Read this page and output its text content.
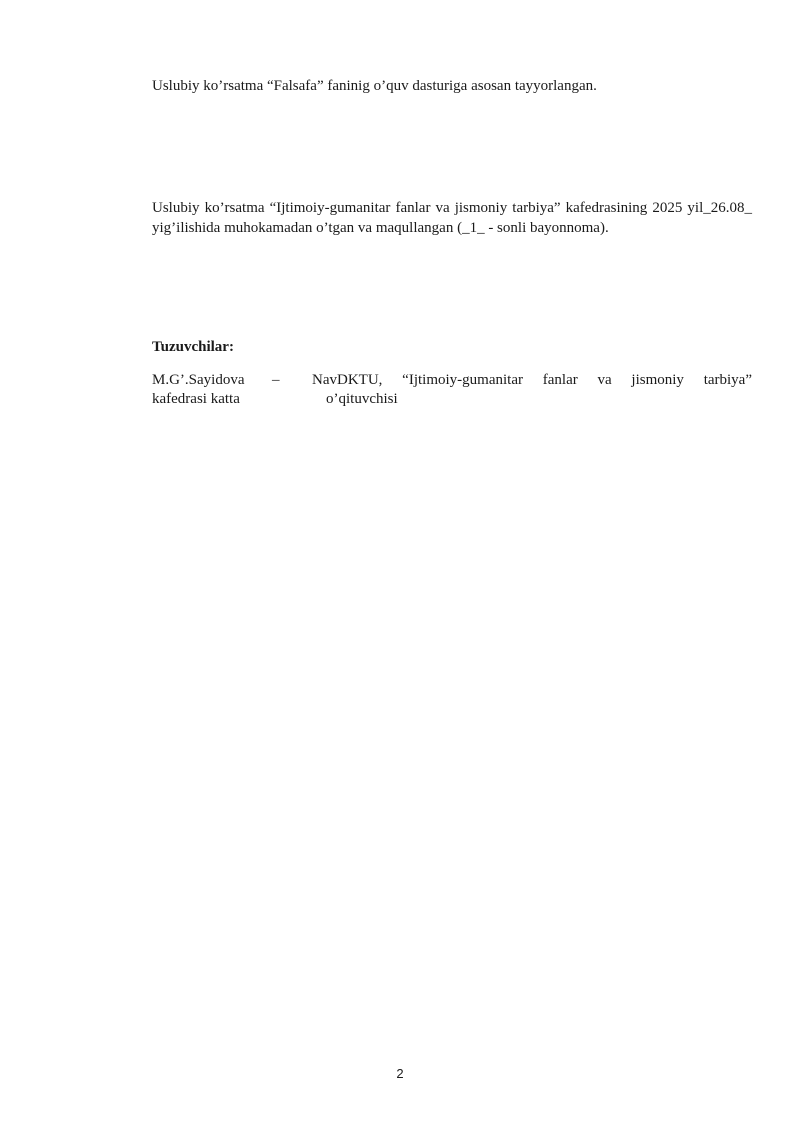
Uslubiy ko’rsatma “Falsafa” faninig o’quv dasturiga asosan tayyorlangan.

Uslubiy ko’rsatma “Ijtimoiy-gumanitar fanlar va jismoniy tarbiya” kafedrasining 2025 yil_26.08_ yig’ilishida muhokamadan o’tgan va maqullangan (_1_ - sonli bayonnoma).

Tuzuvchilar:

M.G’.Sayidova – NavDKTU, “Ijtimoiy-gumanitar fanlar va jismoniy tarbiya”
kafedrasi katta	o’qituvchisi
2
